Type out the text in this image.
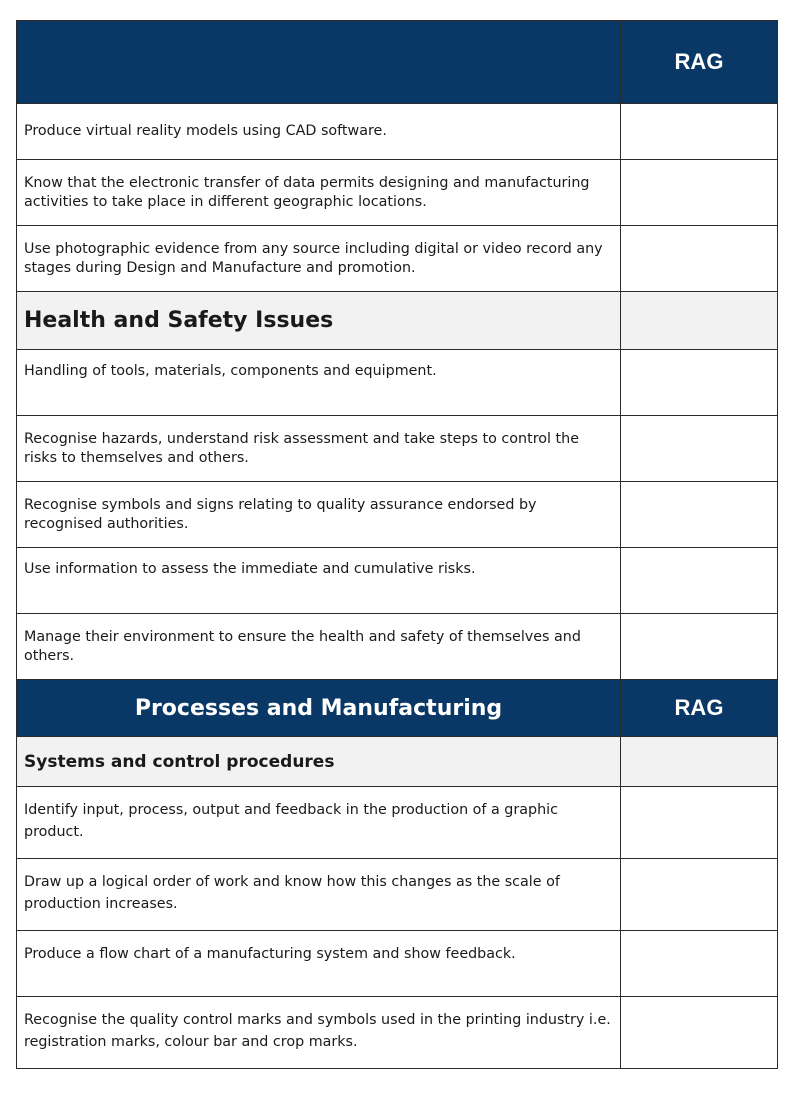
	RAG
Produce virtual reality models using CAD software.	
Know that the electronic transfer of data permits designing and manufacturing activities to take place in different geographic locations.	
Use photographic evidence from any source including digital or video record any stages during Design and Manufacture and promotion.	
Health and Safety Issues	
Handling of tools, materials, components and equipment.	
Recognise hazards, understand risk assessment and take steps to control the risks to themselves and others.	
Recognise symbols and signs relating to quality assurance endorsed by recognised authorities.	
Use information to assess the immediate and cumulative risks.	
Manage their environment to ensure the health and safety of themselves and others.	
Processes and Manufacturing	RAG
Systems and control procedures	
Identify input, process, output and feedback in the production of a graphic product.	
Draw up a logical order of work and know how this changes as the scale of production increases.	
Produce a flow chart of a manufacturing system and show feedback.	
Recognise the quality control marks and symbols used in the printing industry i.e. registration marks, colour bar and crop marks.	
